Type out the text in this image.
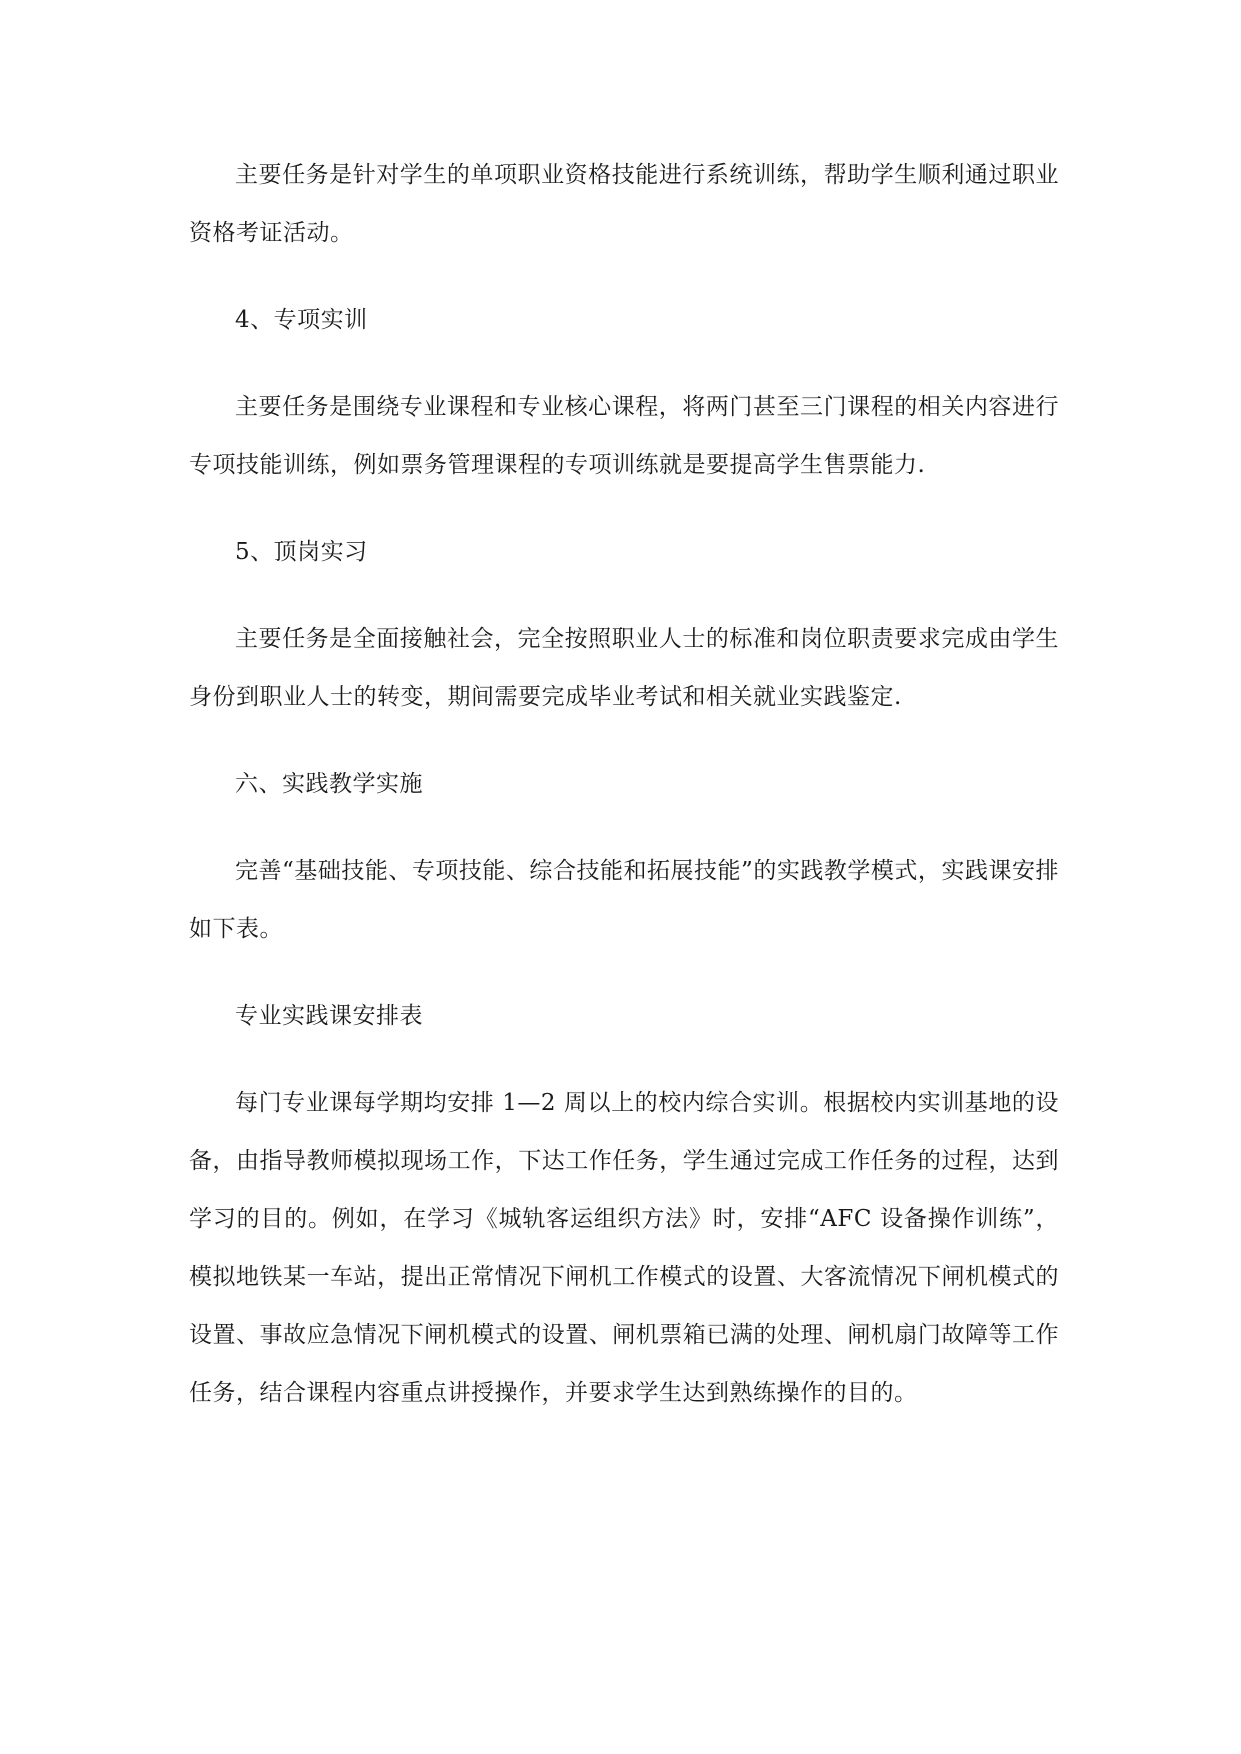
主要任务是针对学生的单项职业资格技能进行系统训练，帮助学生顺利通过职业资格考证活动。

4、专项实训

主要任务是围绕专业课程和专业核心课程，将两门甚至三门课程的相关内容进行专项技能训练，例如票务管理课程的专项训练就是要提高学生售票能力.

5、顶岗实习

主要任务是全面接触社会，完全按照职业人士的标准和岗位职责要求完成由学生身份到职业人士的转变，期间需要完成毕业考试和相关就业实践鉴定.

六、实践教学实施

完善“基础技能、专项技能、综合技能和拓展技能”的实践教学模式，实践课安排如下表。

专业实践课安排表

每门专业课每学期均安排 1—2 周以上的校内综合实训。根据校内实训基地的设备，由指导教师模拟现场工作，下达工作任务，学生通过完成工作任务的过程，达到学习的目的。例如，在学习《城轨客运组织方法》时，安排“AFC 设备操作训练”，模拟地铁某一车站，提出正常情况下闸机工作模式的设置、大客流情况下闸机模式的设置、事故应急情况下闸机模式的设置、闸机票箱已满的处理、闸机扇门故障等工作任务，结合课程内容重点讲授操作，并要求学生达到熟练操作的目的。
